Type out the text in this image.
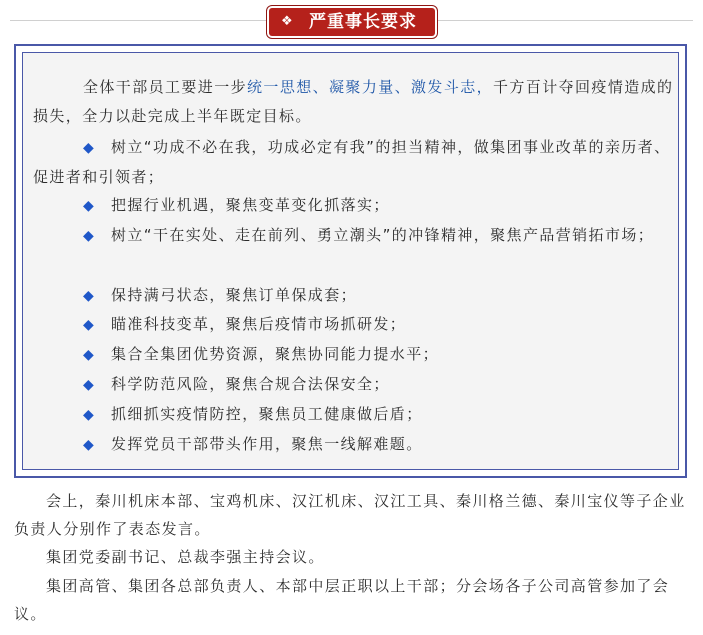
❖ 严重事长要求
全体干部员工要进一步统一思想、凝聚力量、激发斗志，千方百计夺回疫情造成的损失，全力以赴完成上半年既定目标。
◆ 树立“功成不必在我，功成必定有我”的担当精神，做集团事业改革的亲历者、促进者和引领者；
◆ 把握行业机遇，聚焦变革变化抓落实；
◆ 树立“干在实处、走在前列、勇立潮头”的冲锋精神，聚焦产品营销拓市场；
◆ 保持满弓状态，聚焦订单保成套；
◆ 瞄准科技变革，聚焦后疫情市场抓研发；
◆ 集合全集团优势资源，聚焦协同能力提水平；
◆ 科学防范风险，聚焦合规合法保安全；
◆ 抓细抓实疫情防控，聚焦员工健康做后盾；
◆ 发挥党员干部带头作用，聚焦一线解难题。
会上，秦川机床本部、宝鸡机床、汉江机床、汉江工具、秦川格兰德、秦川宝仪等子企业负责人分别作了表态发言。
集团党委副书记、总裁李强主持会议。
集团高管、集团各总部负责人、本部中层正职以上干部；分会场各子公司高管参加了会议。
